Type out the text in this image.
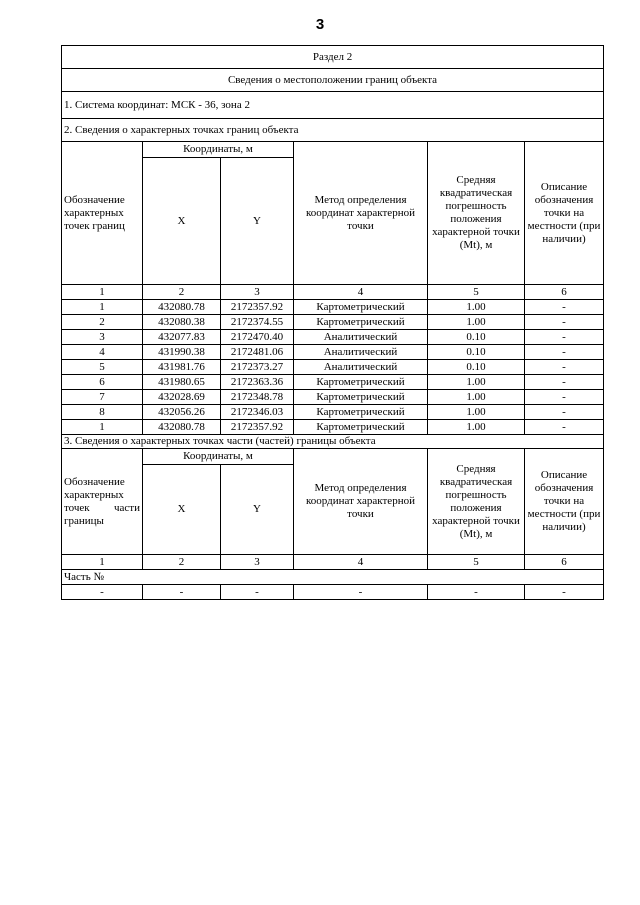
3
Раздел 2					
Сведения о местоположении границ объекта					
1. Система координат: МСК - 36, зона 2					
2. Сведения о характерных точках границ объекта					
Обозначение характерных точек границ	Координаты, м		Метод определения координат характерной точки	Средняя квадратическая погрешность положения характерной точки (Mt), м	Описание обозначения точки на местности (при наличии)
	X	Y			
1	2	3	4	5	6
1	432080.78	2172357.92	Картометрический	1.00	-
2	432080.38	2172374.55	Картометрический	1.00	-
3	432077.83	2172470.40	Аналитический	0.10	-
4	431990.38	2172481.06	Аналитический	0.10	-
5	431981.76	2172373.27	Аналитический	0.10	-
6	431980.65	2172363.36	Картометрический	1.00	-
7	432028.69	2172348.78	Картометрический	1.00	-
8	432056.26	2172346.03	Картометрический	1.00	-
1	432080.78	2172357.92	Картометрический	1.00	-
3. Сведения о характерных точках части (частей) границы объекта					
Обозначение характерных точек части границы	Координаты, м		Метод определения координат характерной точки	Средняя квадратическая погрешность положения характерной точки (Mt), м	Описание обозначения точки на местности (при наличии)
	X	Y			
1	2	3	4	5	6
Часть №					
-	-	-	-	-	-
